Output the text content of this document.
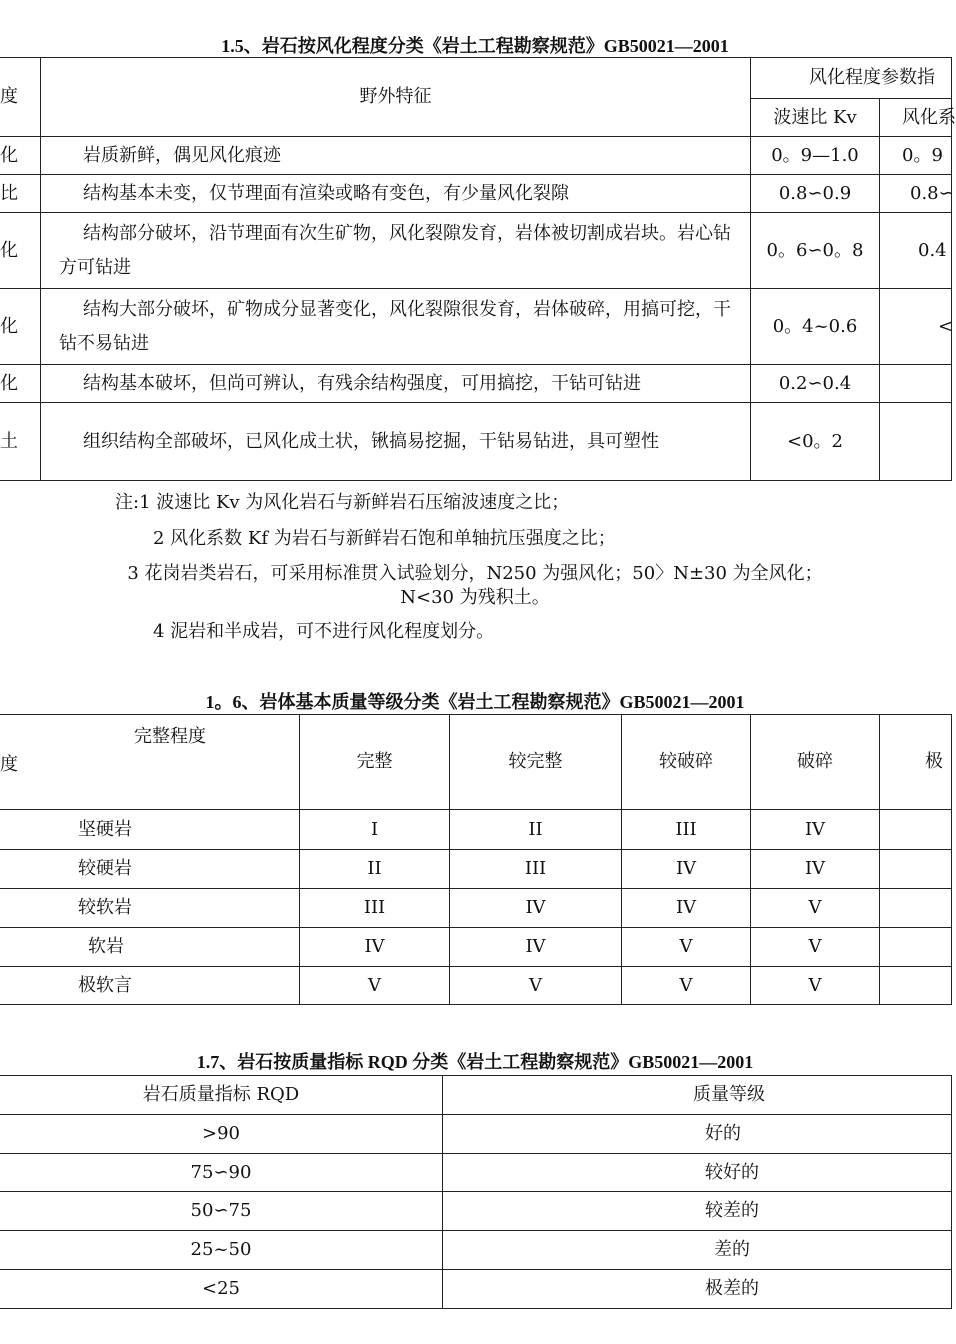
1.5、岩石按风化程度分类《岩土工程勘察规范》GB50021—2001
度	野外特征	风化程度参数指	
		波速比 Kv	风化系
化	岩质新鲜，偶见风化痕迹	0。9—1.0	0。9
比	结构基本未变，仅节理面有渲染或略有变色，有少量风化裂隙	0.8∽0.9	0.8∽
化	结构部分破坏，沿节理面有次生矿物，风化裂隙发育，岩体被切割成岩块。岩心钻方可钻进	0。6∽0。8	0.4
化	结构大部分破坏，矿物成分显著变化，风化裂隙很发育，岩体破碎，用搞可挖，干钻不易钻进	0。4~0.6	<
化	结构基本破坏，但尚可辨认，有残余结构强度，可用搞挖，干钻可钻进	0.2∽0.4	
土	组织结构全部破坏，已风化成土状，锹搞易挖掘，干钻易钻进，具可塑性	<0。2	
注:1 波速比 Kv 为风化岩石与新鲜岩石压缩波速度之比；
2 风化系数 Kf 为岩石与新鲜岩石饱和单轴抗压强度之比；
3 花岗岩类岩石，可采用标准贯入试验划分，N250 为强风化；50〉N±30 为全风化；
N<30 为残积土。
4 泥岩和半成岩，可不进行风化程度划分。
1。6、岩体基本质量等级分类《岩土工程勘察规范》GB50021—2001
完整程度
度	完整	较完整	较破碎	破碎	极
坚硬岩	I	II	III	IV	
较硬岩	II	III	IV	IV	
较软岩	III	IV	IV	V	
软岩	IV	IV	V	V	
极软言	V	V	V	V	
1.7、岩石按质量指标 RQD 分类《岩土工程勘察规范》GB50021—2001
岩石质量指标 RQD	质量等级
>90	好的
75∽90	较好的
50∽75	较差的
25~50	差的
<25	极差的
